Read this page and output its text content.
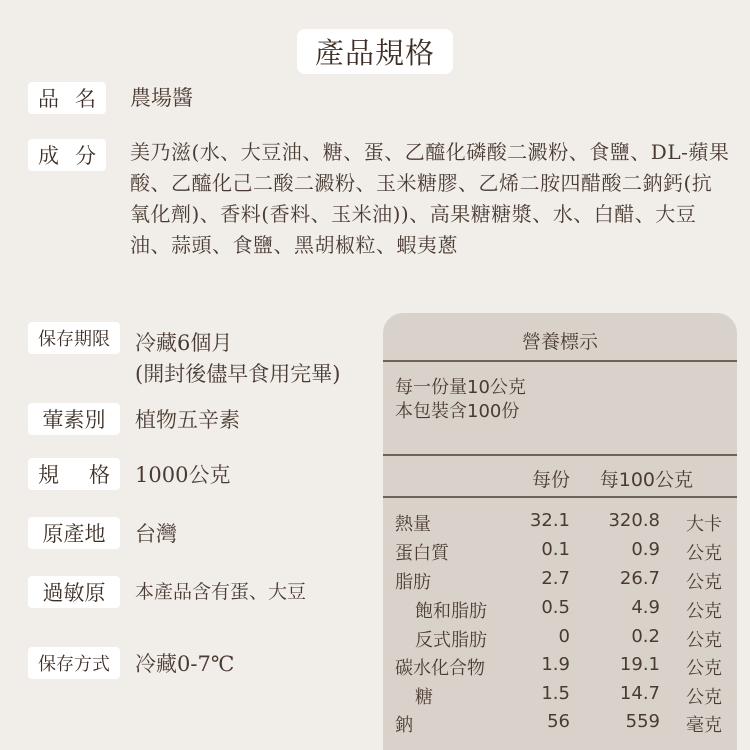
產品規格
品 名 農場醬
成 分 美乃滋(水、大豆油、糖、蛋、乙醯化磷酸二澱粉、食鹽、DL-蘋果酸、乙醯化己二酸二澱粉、玉米糖膠、乙烯二胺四醋酸二鈉鈣(抗氧化劑)、香料(香料、玉米油))、高果糖糖漿、水、白醋、大豆油、蒜頭、食鹽、黑胡椒粒、蝦夷蔥
保存期限	冷藏6個月
(開封後儘早食用完畢)
葷素別	植物五辛素
規 格 1000公克
原產地	台灣
過敏原	本產品含有蛋、大豆
保存方式	冷藏0-7℃
營養標示
每一份量10公克
本包裝含100份
每份 每100公克
熱量	32.1 320.8 大卡
蛋白質	0.1	0.9 公克
脂肪	2.7	26.7 公克
飽和脂肪	0.5	4.9 公克
反式脂肪	0	0.2 公克
碳水化合物	1.9	19.1 公克
糖	1.5	14.7 公克
鈉	56	559 毫克
